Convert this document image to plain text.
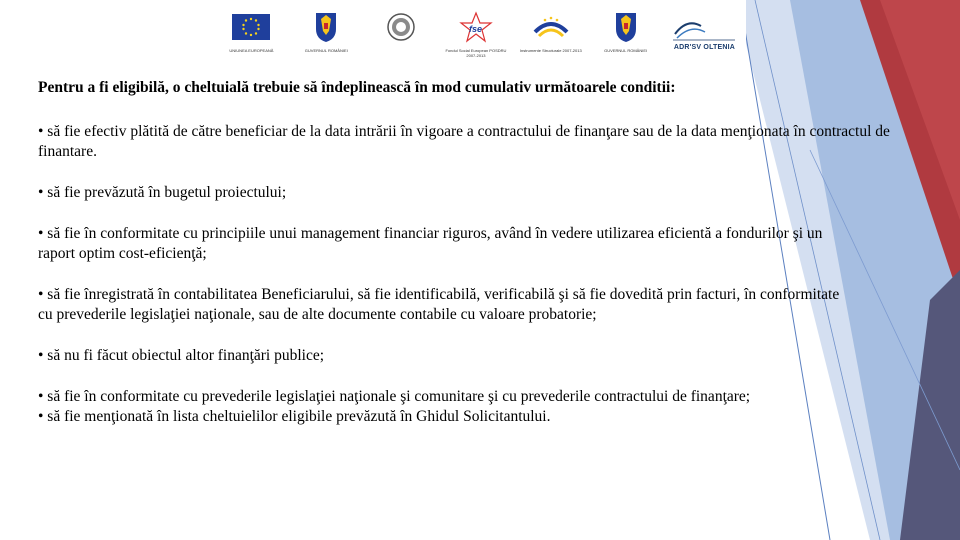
UNIUNEA EUROPEANĂ	GUVERNUL ROMÂNIEI
fse
Fondul Social European POSDRU 2007-2013
Instrumente Structurale 2007-2013	GUVERNUL ROMÂNIEI	ADR'SV OLTENIA

Pentru a fi eligibilă, o cheltuială trebuie să îndeplinească în mod cumulativ următoarele conditii:

• să fie efectiv plătită de către beneficiar de la data intrării în vigoare a contractului de finanţare sau de la data menţionata în contractul de finantare.

• să fie prevăzută în bugetul proiectului;

• să fie în conformitate cu principiile unui management financiar riguros, având în vedere utilizarea eficientă a fondurilor şi un raport optim cost-eficienţă;

• să fie înregistrată în contabilitatea Beneficiarului, să fie identificabilă, verificabilă şi să fie dovedită prin facturi, în conformitate cu prevederile legislaţiei naţionale, sau de alte documente contabile cu valoare probatorie;

• să nu fi făcut obiectul altor finanţări publice;

• să fie în conformitate cu prevederile legislaţiei naţionale şi comunitare şi cu prevederile contractului de finanţare;

• să fie menţionată în lista cheltuielilor eligibile prevăzută în Ghidul Solicitantului.
